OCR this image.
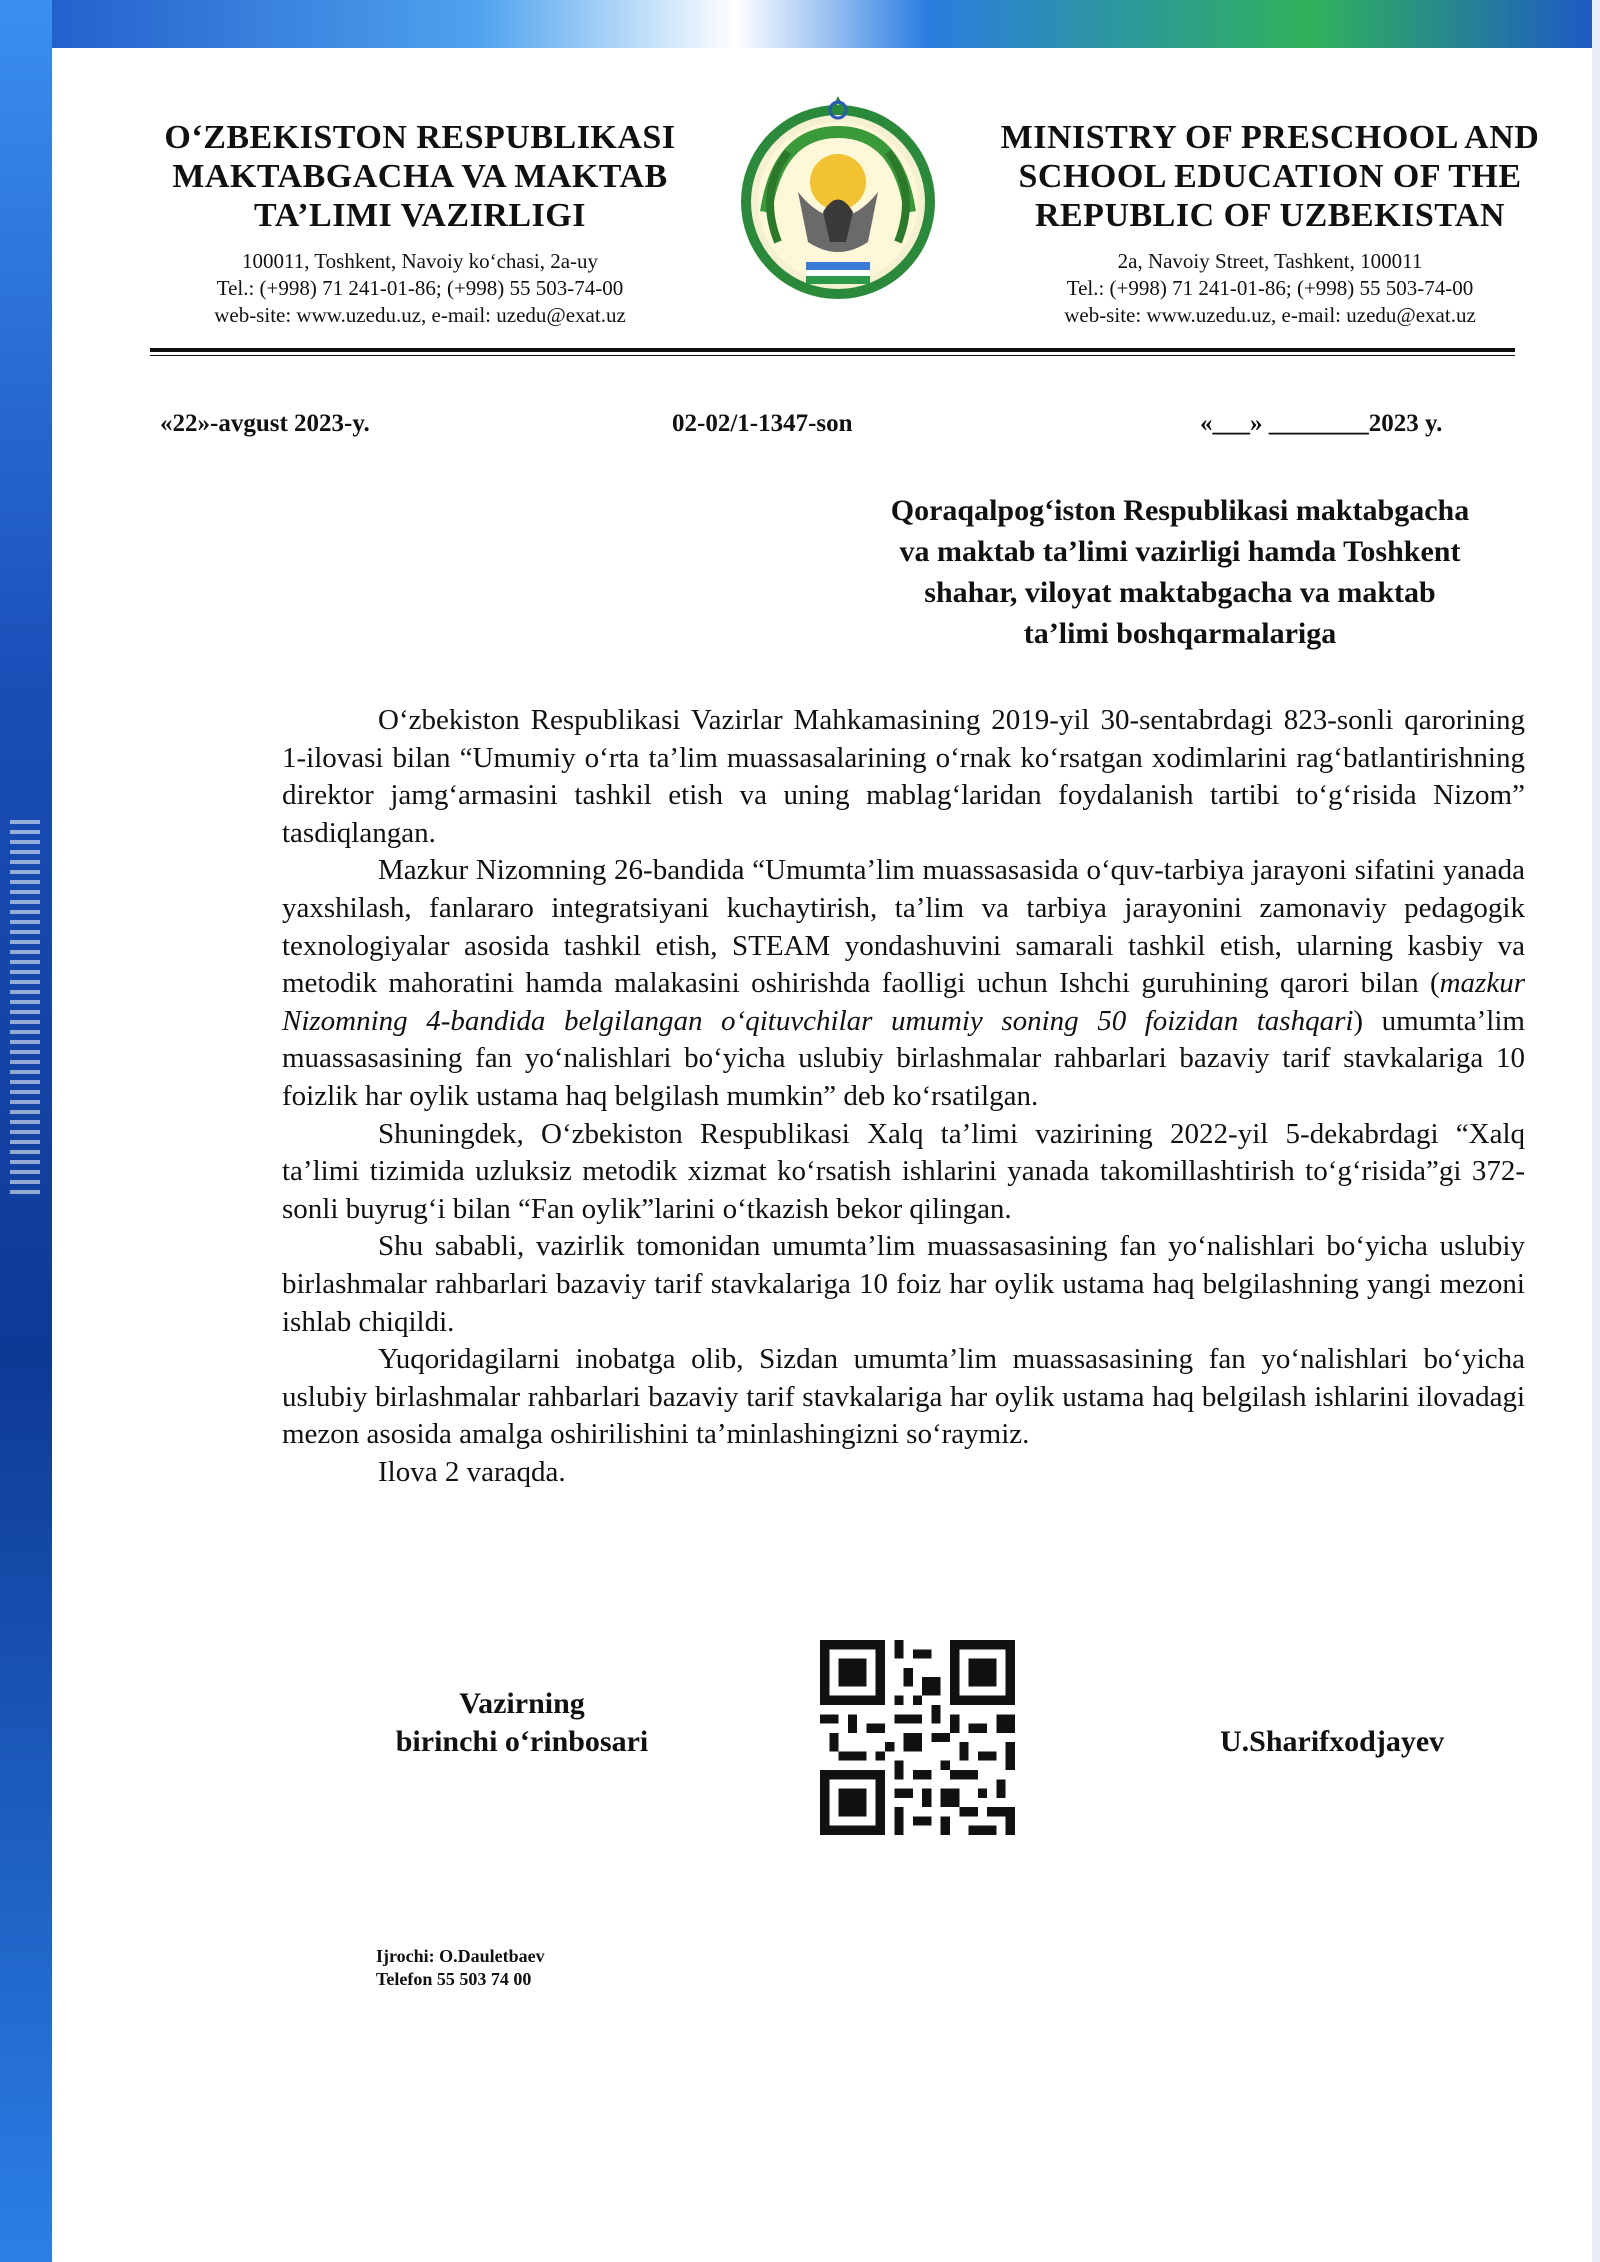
O‘ZBEKISTON RESPUBLIKASI
MAKTABGACHA VA MAKTAB
TA’LIMI VAZIRLIGI
100011, Toshkent, Navoiy ko‘chasi, 2a-uy
Tel.: (+998) 71 241-01-86; (+998) 55 503-74-00
web-site: www.uzedu.uz, e-mail: uzedu@exat.uz
MINISTRY OF PRESCHOOL AND
SCHOOL EDUCATION OF THE
REPUBLIC OF UZBEKISTAN
2a, Navoiy Street, Tashkent, 100011
Tel.: (+998) 71 241-01-86; (+998) 55 503-74-00
web-site: www.uzedu.uz, e-mail: uzedu@exat.uz
«22»-avgust 2023-y.	02-02/1-1347-son	«___» ________2023 y.
Qoraqalpog‘iston Respublikasi maktabgacha
va maktab ta’limi vazirligi hamda Toshkent
shahar, viloyat maktabgacha va maktab
ta’limi boshqarmalariga

O‘zbekiston Respublikasi Vazirlar Mahkamasining 2019-yil 30-sentabrdagi 823-sonli qarorining 1-ilovasi bilan “Umumiy o‘rta ta’lim muassasalarining o‘rnak ko‘rsatgan xodimlarini rag‘batlantirishning direktor jamg‘armasini tashkil etish va uning mablag‘laridan foydalanish tartibi to‘g‘risida Nizom” tasdiqlangan.

Mazkur Nizomning 26-bandida “Umumta’lim muassasasida o‘quv-tarbiya jarayoni sifatini yanada yaxshilash, fanlararo integratsiyani kuchaytirish, ta’lim va tarbiya jarayonini zamonaviy pedagogik texnologiyalar asosida tashkil etish, STEAM yondashuvini samarali tashkil etish, ularning kasbiy va metodik mahoratini hamda malakasini oshirishda faolligi uchun Ishchi guruhining qarori bilan (mazkur Nizomning 4-bandida belgilangan o‘qituvchilar umumiy soning 50 foizidan tashqari) umumta’lim muassasasining fan yo‘nalishlari bo‘yicha uslubiy birlashmalar rahbarlari bazaviy tarif stavkalariga 10 foizlik har oylik ustama haq belgilash mumkin” deb ko‘rsatilgan.

Shuningdek, O‘zbekiston Respublikasi Xalq ta’limi vazirining 2022-yil 5-dekabrdagi “Xalq ta’limi tizimida uzluksiz metodik xizmat ko‘rsatish ishlarini yanada takomillashtirish to‘g‘risida”gi 372-sonli buyrug‘i bilan “Fan oylik”larini o‘tkazish bekor qilingan.

Shu sababli, vazirlik tomonidan umumta’lim muassasasining fan yo‘nalishlari bo‘yicha uslubiy birlashmalar rahbarlari bazaviy tarif stavkalariga 10 foiz har oylik ustama haq belgilashning yangi mezoni ishlab chiqildi.

Yuqoridagilarni inobatga olib, Sizdan umumta’lim muassasasining fan yo‘nalishlari bo‘yicha uslubiy birlashmalar rahbarlari bazaviy tarif stavkalariga har oylik ustama haq belgilash ishlarini ilovadagi mezon asosida amalga oshirilishini ta’minlashingizni so‘raymiz.

Ilova 2 varaqda.

Vazirning
birinchi o‘rinbosari	U.Sharifxodjayev
Ijrochi: O.Dauletbaev
Telefon 55 503 74 00
